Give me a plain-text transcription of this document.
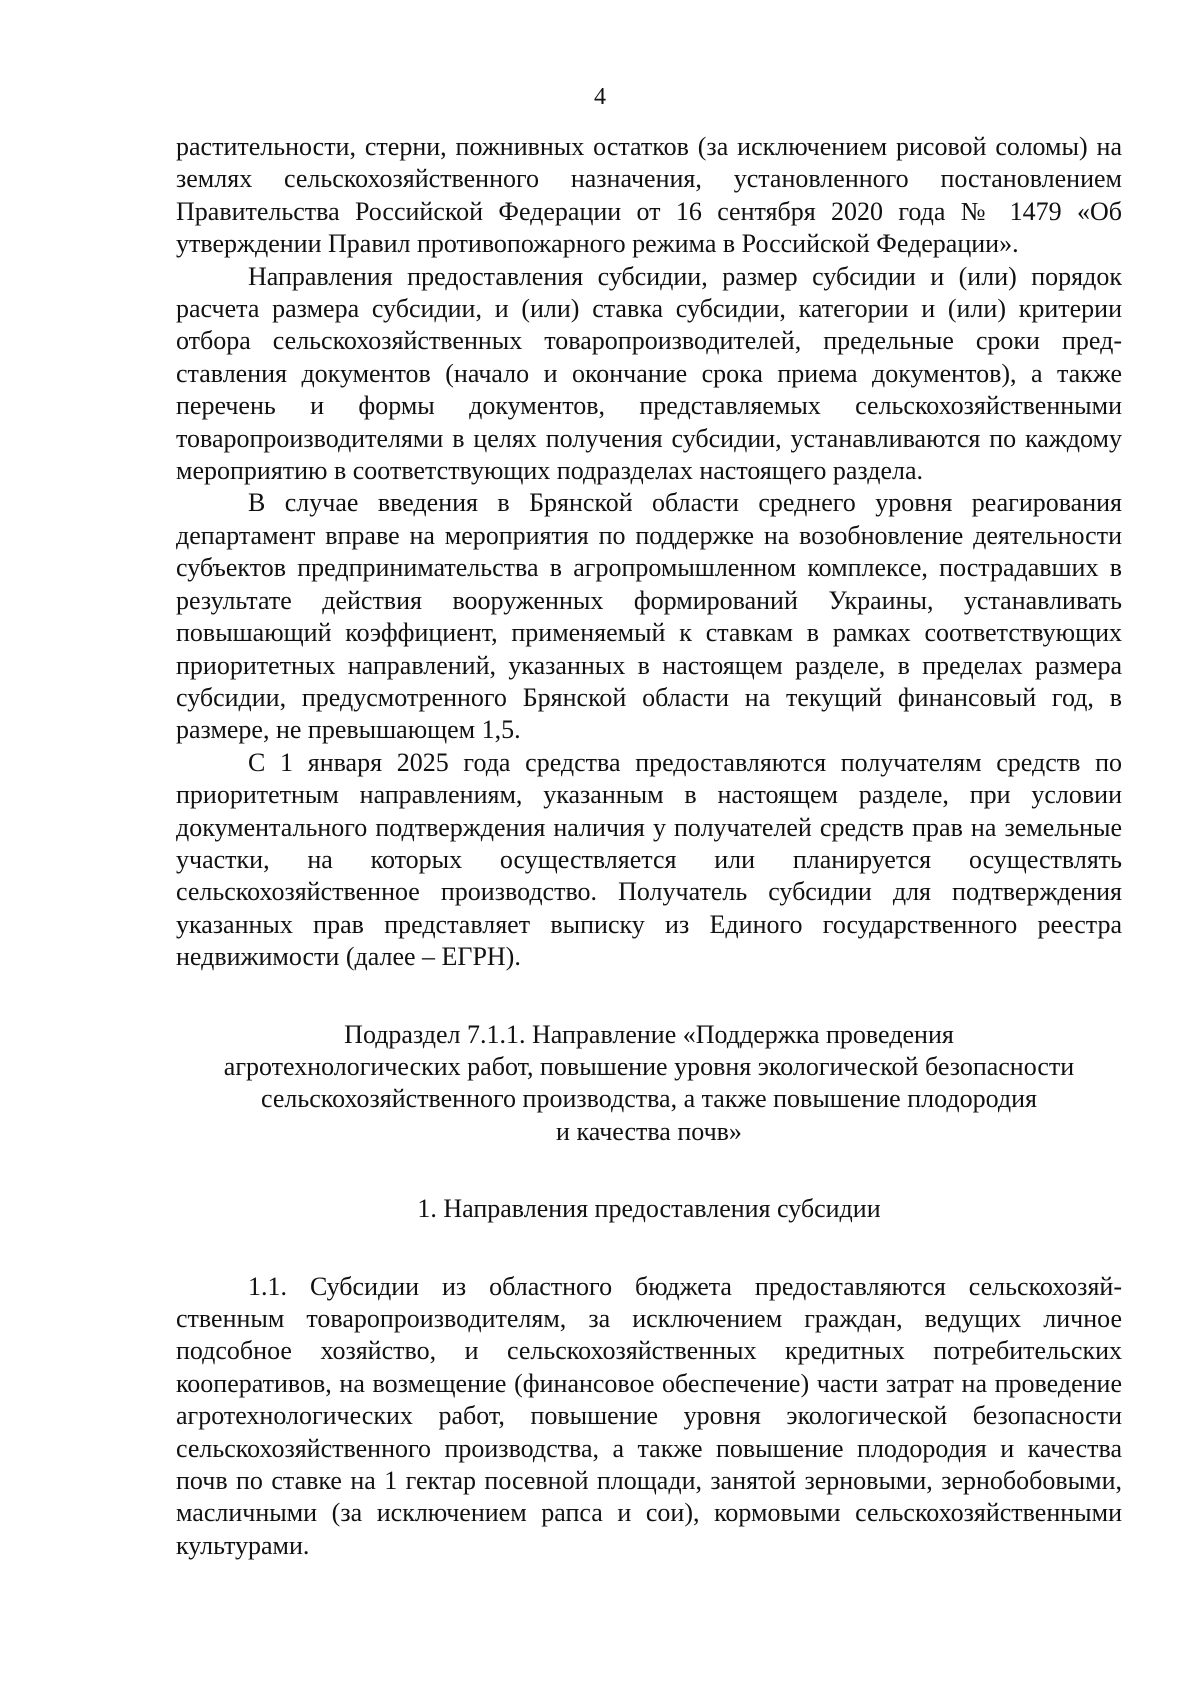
4

растительности, стерни, пожнивных остатков (за исключением рисовой соломы) на землях сельскохозяйственного назначения, установленного постановлением Правительства Российской Федерации от 16 сентября 2020 года № 1479 «Об утверждении Правил противопожарного режима в Российской Федерации».

Направления предоставления субсидии, размер субсидии и (или) порядок расчета размера субсидии, и (или) ставка субсидии, категории и (или) критерии отбора сельскохозяйственных товаропроизводителей, предельные сроки представления документов (начало и окончание срока приема документов), а также перечень и формы документов, представляемых сельскохозяйственными товаропроизводителями в целях получения субсидии, устанавливаются по каждому мероприятию в соответствующих подразделах настоящего раздела.

В случае введения в Брянской области среднего уровня реагирования департамент вправе на мероприятия по поддержке на возобновление деятельности субъектов предпринимательства в агропромышленном комплексе, пострадавших в результате действия вооруженных формирований Украины, устанавливать повышающий коэффициент, применяемый к ставкам в рамках соответствующих приоритетных направлений, указанных в настоящем разделе, в пределах размера субсидии, предусмотренного Брянской области на текущий финансовый год, в размере, не превышающем 1,5.

С 1 января 2025 года средства предоставляются получателям средств по приоритетным направлениям, указанным в настоящем разделе, при условии документального подтверждения наличия у получателей средств прав на земельные участки, на которых осуществляется или планируется осуществлять сельскохозяйственное производство. Получатель субсидии для подтверждения указанных прав представляет выписку из Единого государственного реестра недвижимости (далее – ЕГРН).

Подраздел 7.1.1. Направление «Поддержка проведения
агротехнологических работ, повышение уровня экологической безопасности
сельскохозяйственного производства, а также повышение плодородия
и качества почв»
1. Направления предоставления субсидии

1.1. Субсидии из областного бюджета предоставляются сельскохозяйственным товаропроизводителям, за исключением граждан, ведущих личное подсобное хозяйство, и сельскохозяйственных кредитных потребительских кооперативов, на возмещение (финансовое обеспечение) части затрат на проведение агротехнологических работ, повышение уровня экологической безопасности сельскохозяйственного производства, а также повышение плодородия и качества почв по ставке на 1 гектар посевной площади, занятой зерновыми, зернобобовыми, масличными (за исключением рапса и сои), кормовыми сельскохозяйственными культурами.
